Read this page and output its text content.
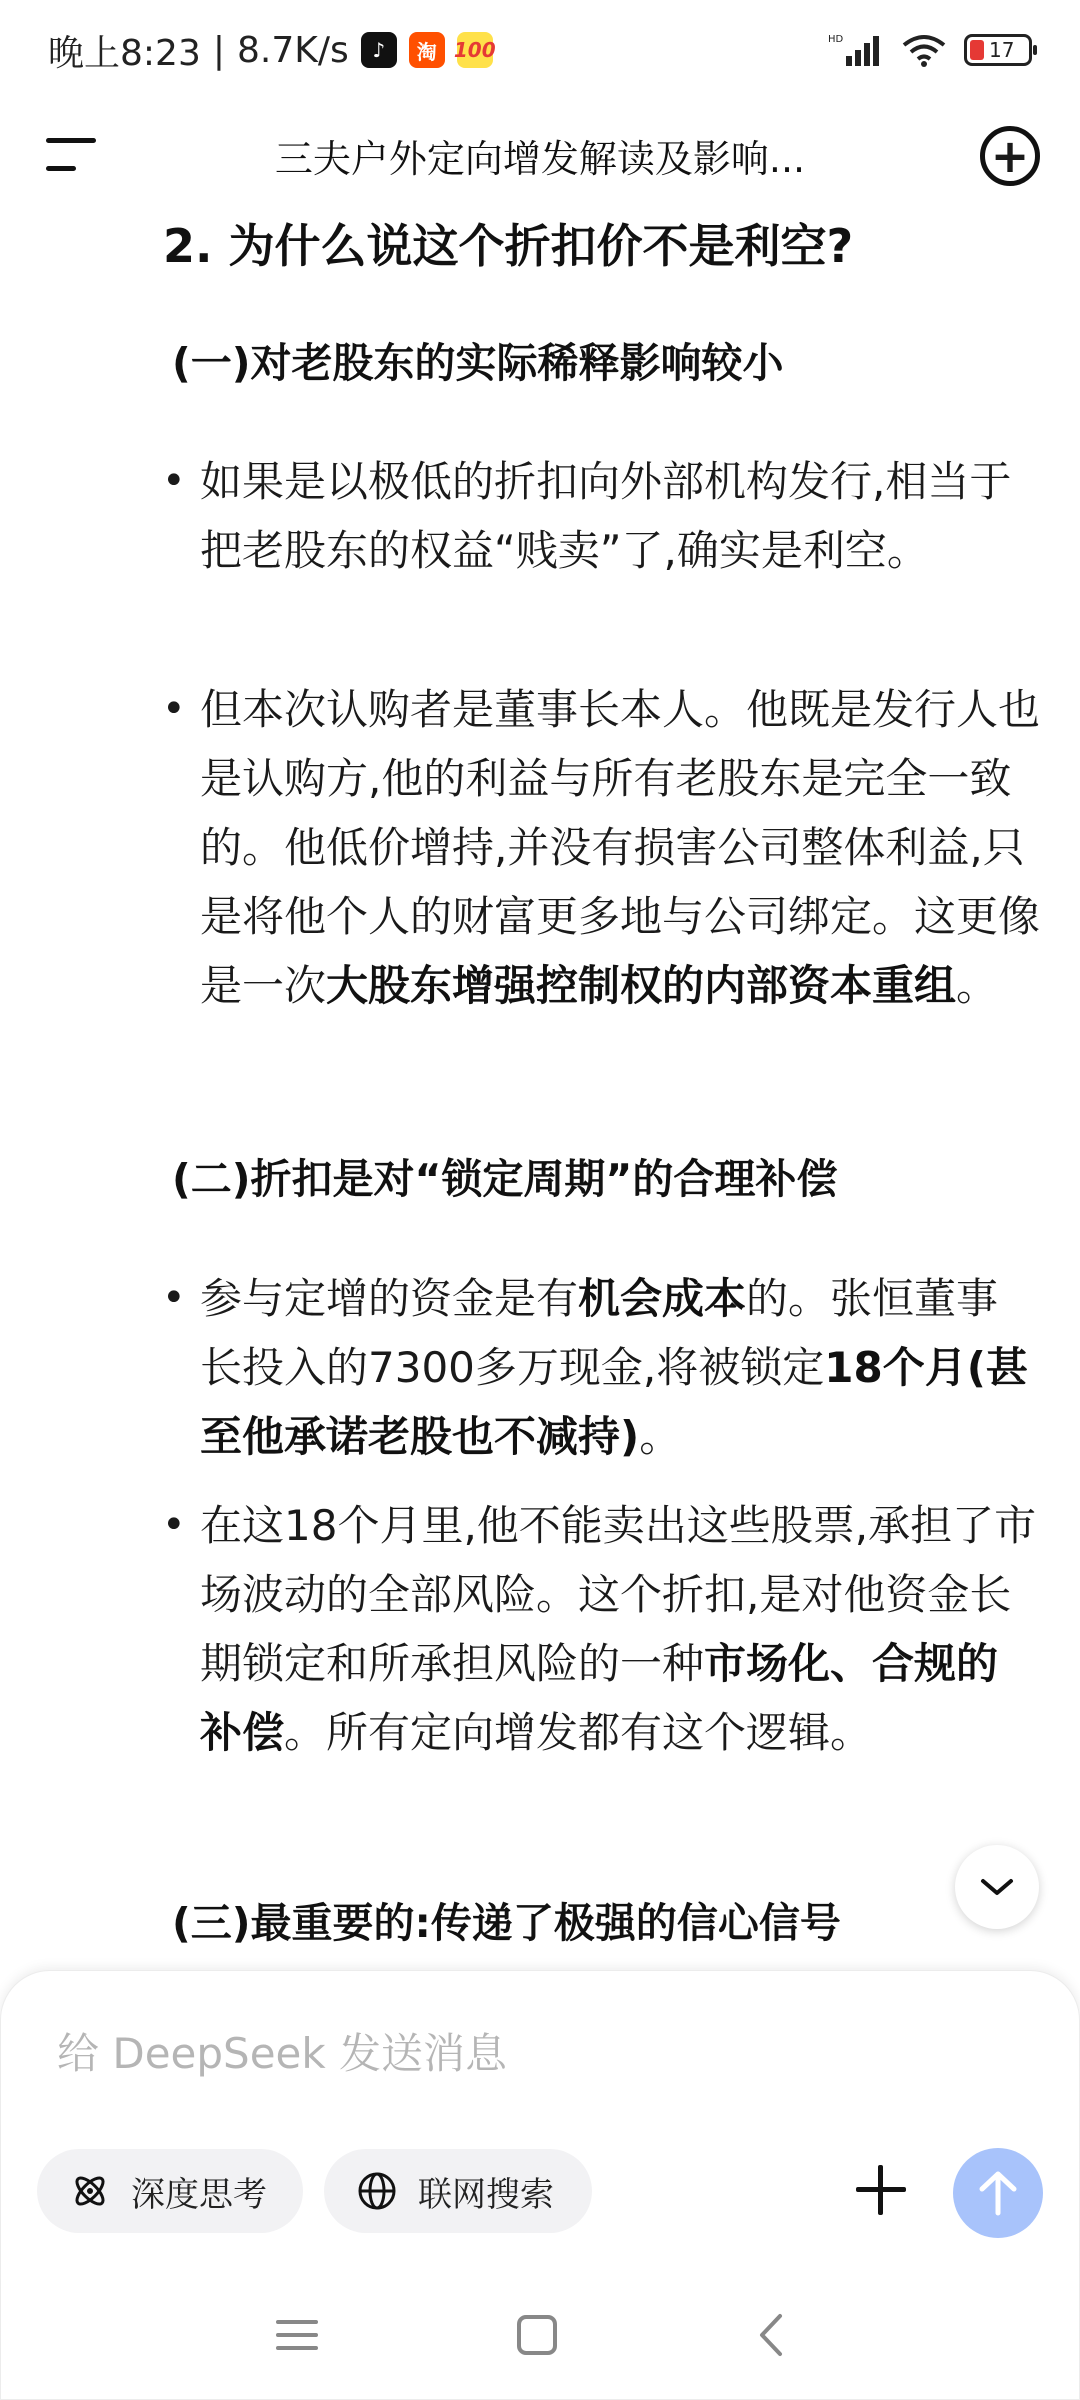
晚上8:23 | 8.7K/s	♪	淘 100	HD	17
三夫户外定向增发解读及影响...	+
2. 为什么说这个折扣价不是利空?
(一)对老股东的实际稀释影响较小
• 如果是以极低的折扣向外部机构发行,相当于把老股东的权益“贱卖”了,确实是利空。
• 但本次认购者是董事长本人。他既是发行人也是认购方,他的利益与所有老股东是完全一致的。他低价增持,并没有损害公司整体利益,只是将他个人的财富更多地与公司绑定。这更像是一次大股东增强控制权的内部资本重组。
(二)折扣是对“锁定周期”的合理补偿
• 参与定增的资金是有机会成本的。张恒董事长投入的7300多万现金,将被锁定18个月(甚至他承诺老股也不减持)。
• 在这18个月里,他不能卖出这些股票,承担了市场波动的全部风险。这个折扣,是对他资金长期锁定和所承担风险的一种市场化、合规的补偿。所有定向增发都有这个逻辑。
(三)最重要的:传递了极强的信心信号
给 DeepSeek 发送消息
深度思考	联网搜索
